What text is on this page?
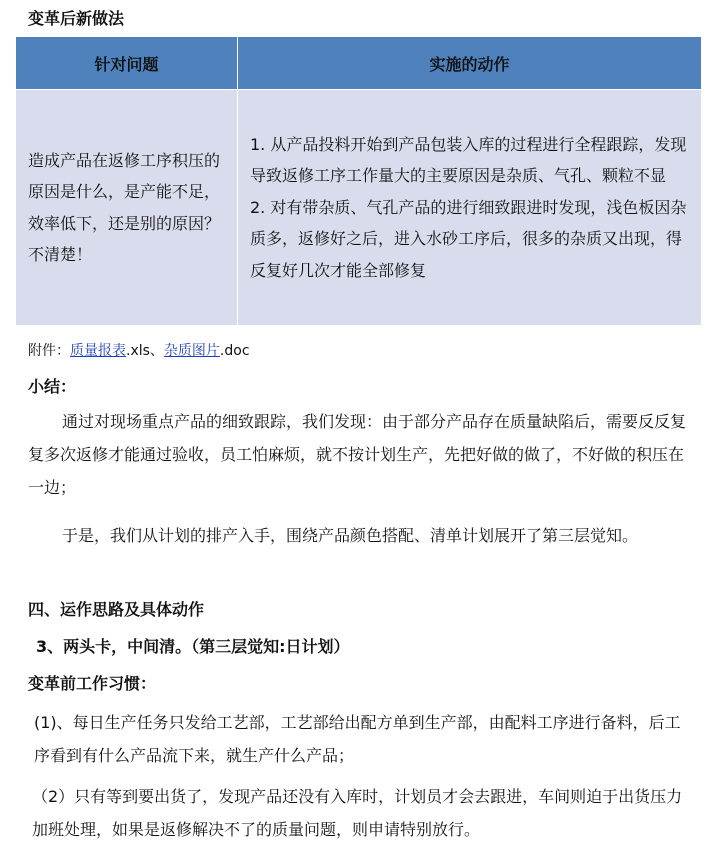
变革后新做法
针对问题	实施的动作
造成产品在返修工序积压的原因是什么，是产能不足，效率低下，还是别的原因？不清楚！	1. 从产品投料开始到产品包装入库的过程进行全程跟踪，发现导致返修工序工作量大的主要原因是杂质、气孔、颗粒不显
2. 对有带杂质、气孔产品的进行细致跟进时发现，浅色板因杂质多，返修好之后，进入水砂工序后，很多的杂质又出现，得反复好几次才能全部修复
附件：质量报表.xls、杂质图片.doc
小结：
通过对现场重点产品的细致跟踪，我们发现：由于部分产品存在质量缺陷后，需要反反复复多次返修才能通过验收，员工怕麻烦，就不按计划生产，先把好做的做了，不好做的积压在一边；
于是，我们从计划的排产入手，围绕产品颜色搭配、清单计划展开了第三层觉知。
四、运作思路及具体动作
3、两头卡，中间清。（第三层觉知:日计划）
变革前工作习惯：
(1)、每日生产任务只发给工艺部，工艺部给出配方单到生产部，由配料工序进行备料，后工序看到有什么产品流下来，就生产什么产品；
（2）只有等到要出货了，发现产品还没有入库时，计划员才会去跟进，车间则迫于出货压力加班处理，如果是返修解决不了的质量问题，则申请特别放行。
